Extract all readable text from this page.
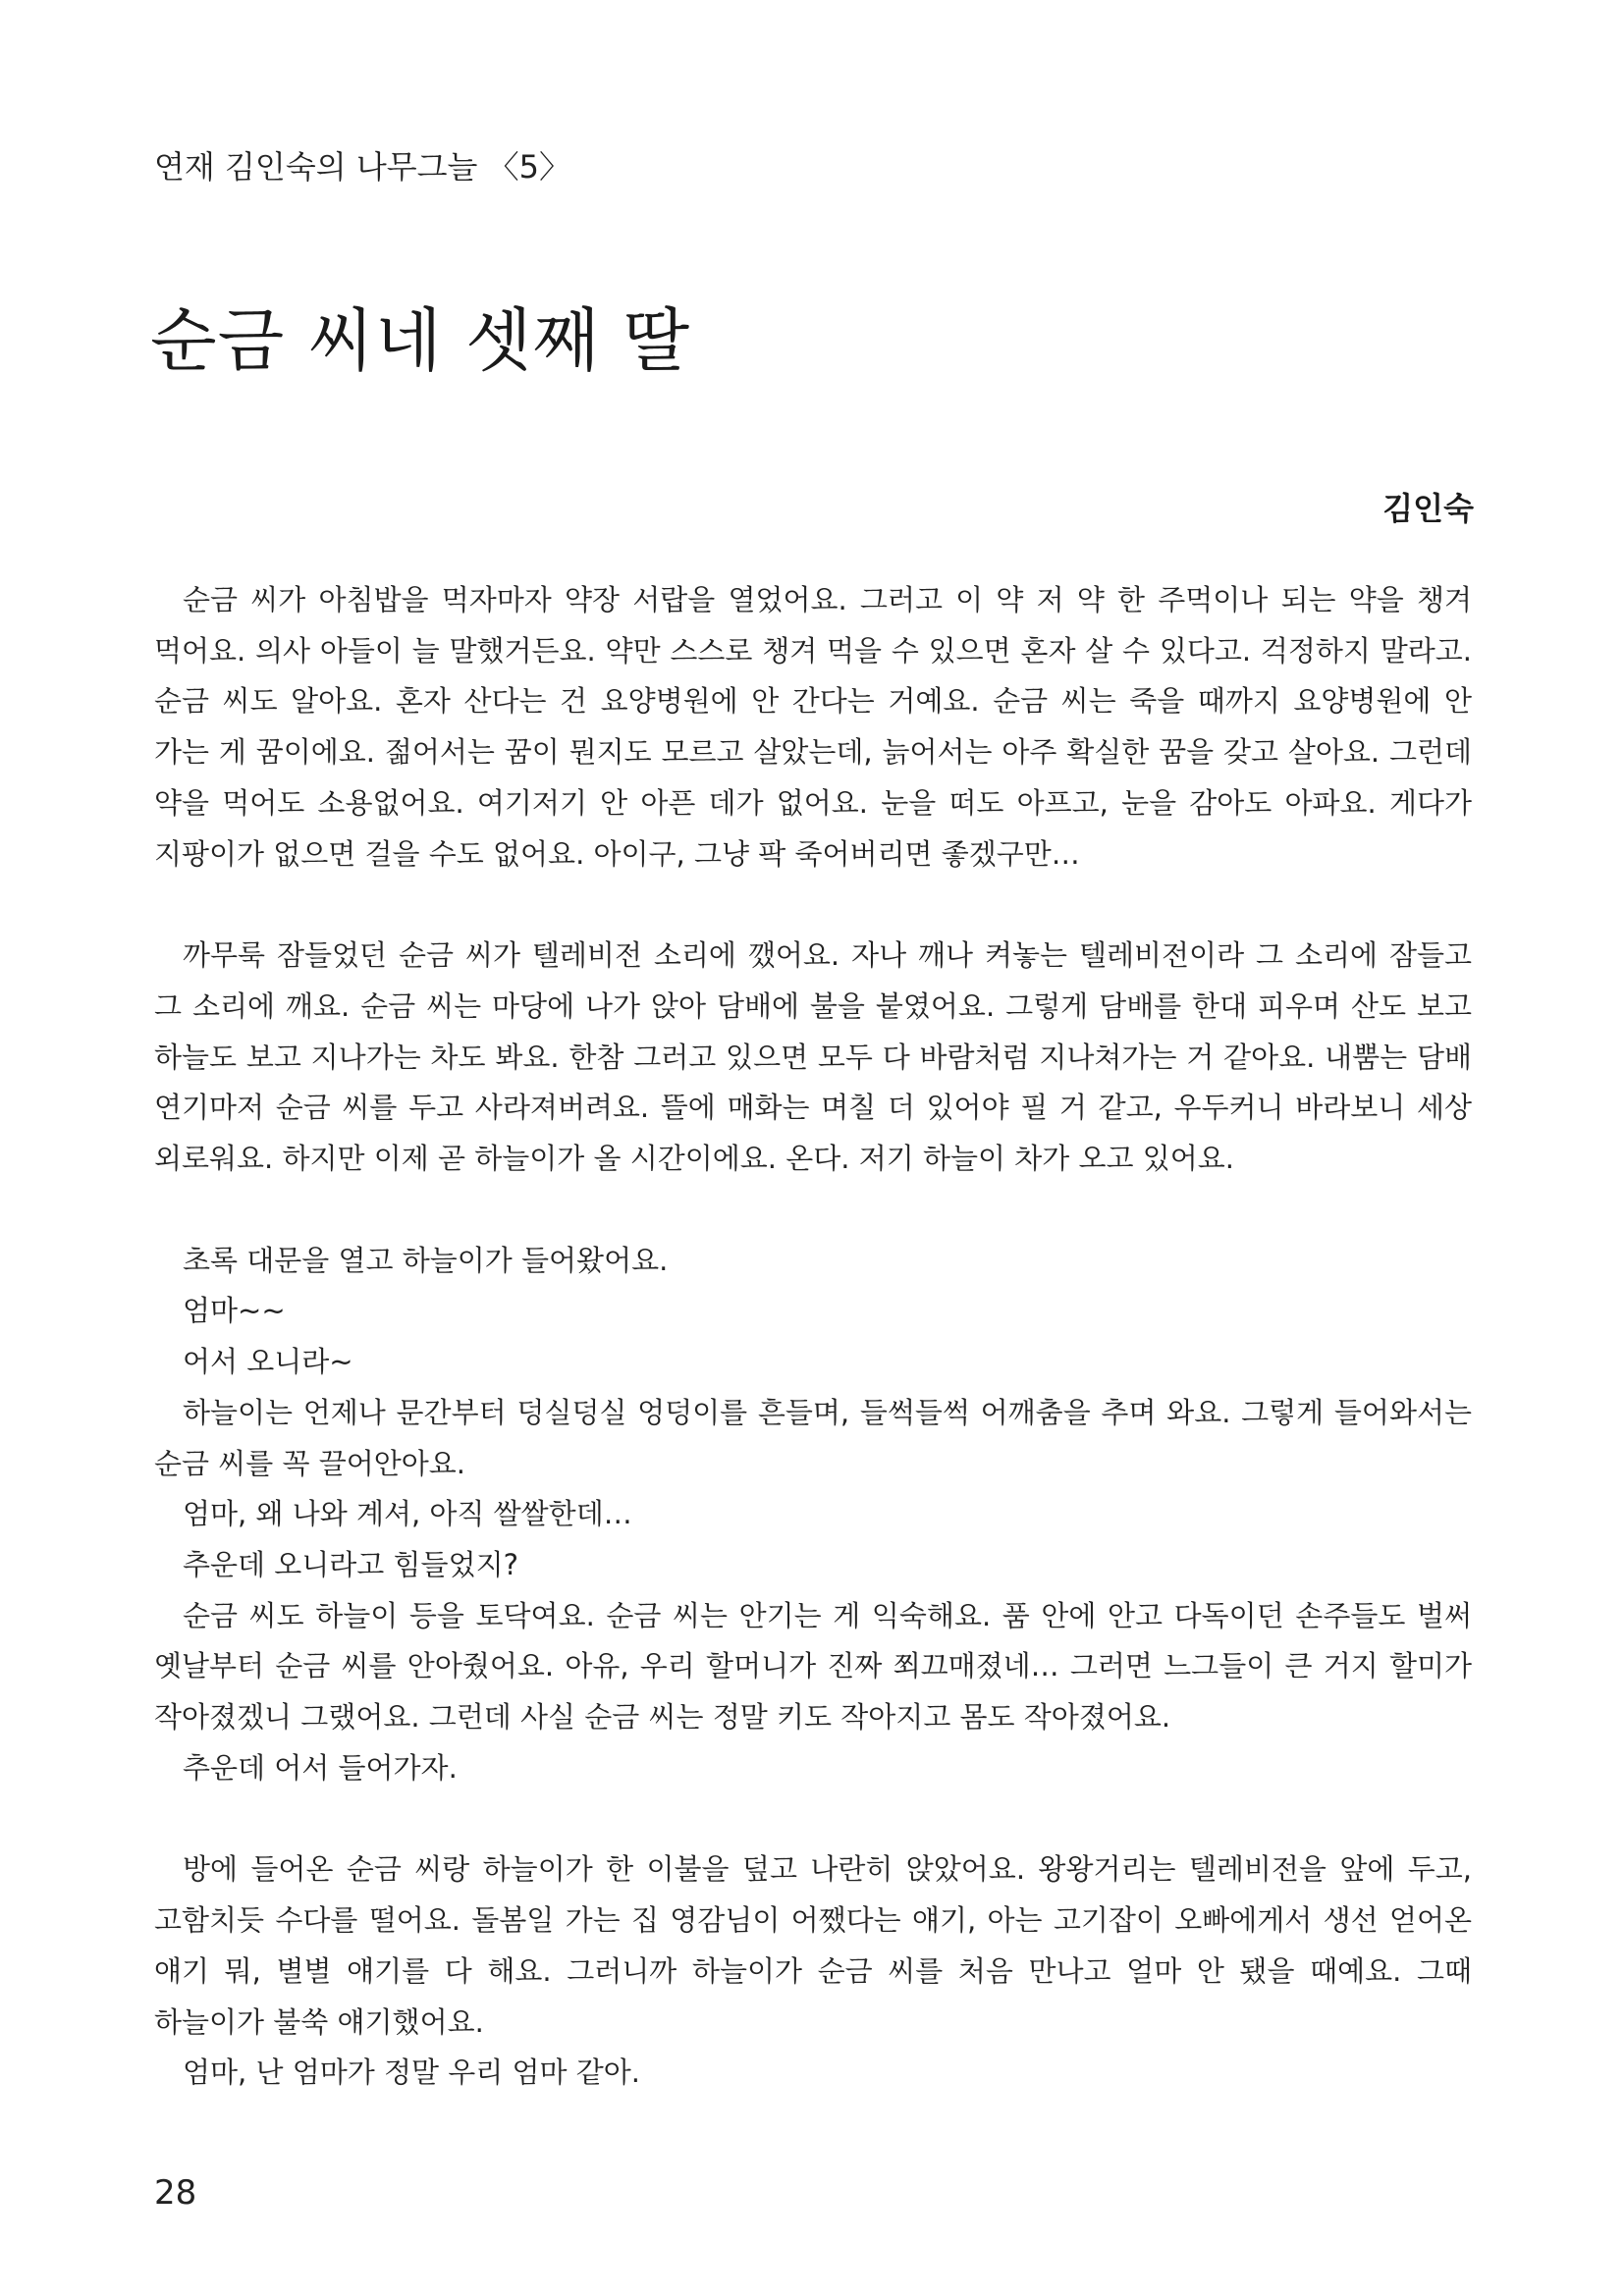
연재 김인숙의 나무그늘 〈5〉
순금 씨네 셋째 딸
김인숙

순금 씨가 아침밥을 먹자마자 약장 서랍을 열었어요. 그러고 이 약 저 약 한 주먹이나 되는 약을 챙겨 먹어요. 의사 아들이 늘 말했거든요. 약만 스스로 챙겨 먹을 수 있으면 혼자 살 수 있다고. 걱정하지 말라고. 순금 씨도 알아요. 혼자 산다는 건 요양병원에 안 간다는 거예요. 순금 씨는 죽을 때까지 요양병원에 안 가는 게 꿈이에요. 젊어서는 꿈이 뭔지도 모르고 살았는데, 늙어서는 아주 확실한 꿈을 갖고 살아요. 그런데 약을 먹어도 소용없어요. 여기저기 안 아픈 데가 없어요. 눈을 떠도 아프고, 눈을 감아도 아파요. 게다가 지팡이가 없으면 걸을 수도 없어요. 아이구, 그냥 팍 죽어버리면 좋겠구만…

까무룩 잠들었던 순금 씨가 텔레비전 소리에 깼어요. 자나 깨나 켜놓는 텔레비전이라 그 소리에 잠들고 그 소리에 깨요. 순금 씨는 마당에 나가 앉아 담배에 불을 붙였어요. 그렇게 담배를 한대 피우며 산도 보고 하늘도 보고 지나가는 차도 봐요. 한참 그러고 있으면 모두 다 바람처럼 지나쳐가는 거 같아요. 내뿜는 담배 연기마저 순금 씨를 두고 사라져버려요. 뜰에 매화는 며칠 더 있어야 필 거 같고, 우두커니 바라보니 세상 외로워요. 하지만 이제 곧 하늘이가 올 시간이에요. 온다. 저기 하늘이 차가 오고 있어요.

초록 대문을 열고 하늘이가 들어왔어요.

엄마~~

어서 오니라~

하늘이는 언제나 문간부터 덩실덩실 엉덩이를 흔들며, 들썩들썩 어깨춤을 추며 와요. 그렇게 들어와서는 순금 씨를 꼭 끌어안아요.

엄마, 왜 나와 계셔, 아직 쌀쌀한데…

추운데 오니라고 힘들었지?

순금 씨도 하늘이 등을 토닥여요. 순금 씨는 안기는 게 익숙해요. 품 안에 안고 다독이던 손주들도 벌써 옛날부터 순금 씨를 안아줬어요. 아유, 우리 할머니가 진짜 쬐끄매졌네… 그러면 느그들이 큰 거지 할미가 작아졌겠니 그랬어요. 그런데 사실 순금 씨는 정말 키도 작아지고 몸도 작아졌어요.

추운데 어서 들어가자.

방에 들어온 순금 씨랑 하늘이가 한 이불을 덮고 나란히 앉았어요. 왕왕거리는 텔레비전을 앞에 두고, 고함치듯 수다를 떨어요. 돌봄일 가는 집 영감님이 어쨌다는 얘기, 아는 고기잡이 오빠에게서 생선 얻어온 얘기 뭐, 별별 얘기를 다 해요. 그러니까 하늘이가 순금 씨를 처음 만나고 얼마 안 됐을 때예요. 그때 하늘이가 불쑥 얘기했어요.

엄마, 난 엄마가 정말 우리 엄마 같아.

28
